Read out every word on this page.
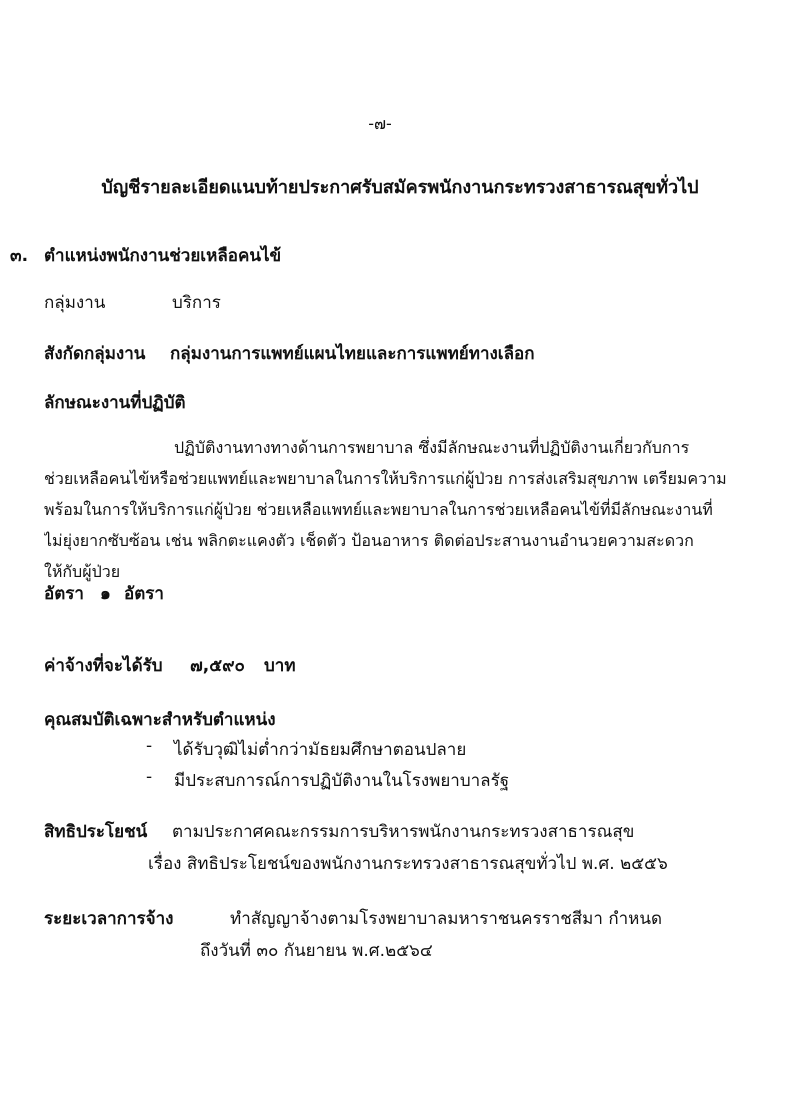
-๗-
บัญชีรายละเอียดแนบท้ายประกาศรับสมัครพนักงานกระทรวงสาธารณสุขทั่วไป
๓. ตำแหน่งพนักงานช่วยเหลือคนไข้
กลุ่มงาน	บริการ
สังกัดกลุ่มงาน กลุ่มงานการแพทย์แผนไทยและการแพทย์ทางเลือก
ลักษณะงานที่ปฏิบัติ
ปฏิบัติงานทางทางด้านการพยาบาล ซึ่งมีลักษณะงานที่ปฏิบัติงานเกี่ยวกับการ
ช่วยเหลือคนไข้หรือช่วยแพทย์และพยาบาลในการให้บริการแก่ผู้ป่วย การส่งเสริมสุขภาพ เตรียมความ
พร้อมในการให้บริการแก่ผู้ป่วย ช่วยเหลือแพทย์และพยาบาลในการช่วยเหลือคนไข้ที่มีลักษณะงานที่
ไม่ยุ่งยากซับซ้อน เช่น พลิกตะแคงตัว เช็ดตัว ป้อนอาหาร ติดต่อประสานงานอำนวยความสะดวก
ให้กับผู้ป่วย
อัตรา ๑ อัตรา
ค่าจ้างที่จะได้รับ ๗,๕๙๐ บาท
คุณสมบัติเฉพาะสำหรับตำแหน่ง
- ได้รับวุฒิไม่ต่ำกว่ามัธยมศึกษาตอนปลาย
- มีประสบการณ์การปฏิบัติงานในโรงพยาบาลรัฐ
สิทธิประโยชน์ ตามประกาศคณะกรรมการบริหารพนักงานกระทรวงสาธารณสุข
เรื่อง สิทธิประโยชน์ของพนักงานกระทรวงสาธารณสุขทั่วไป พ.ศ. ๒๕๕๖
ระยะเวลาการจ้าง	ทำสัญญาจ้างตามโรงพยาบาลมหาราชนครราชสีมา กำหนด
ถึงวันที่ ๓๐ กันยายน พ.ศ.๒๕๖๔
